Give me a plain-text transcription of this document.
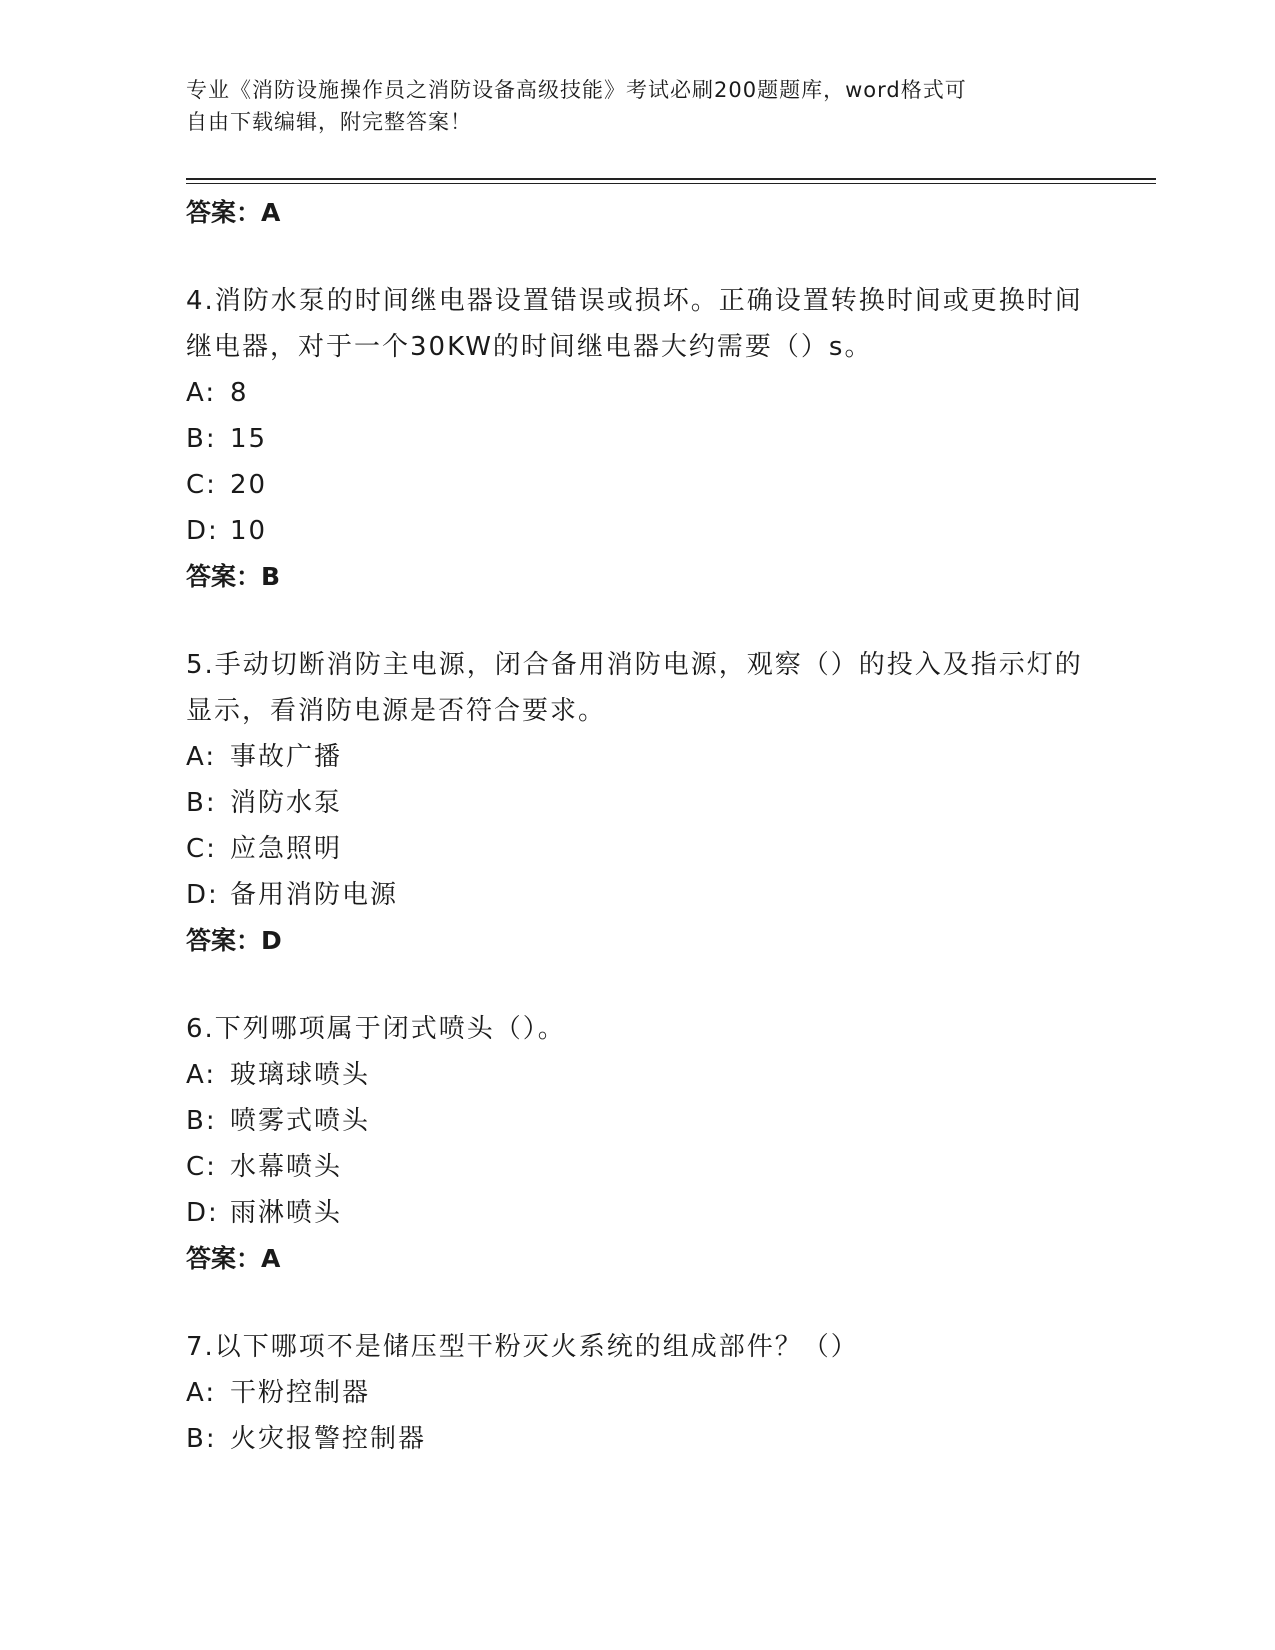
专业《消防设施操作员之消防设备高级技能》考试必刷200题题库，word格式可
自由下载编辑，附完整答案！
答案：A
4.消防水泵的时间继电器设置错误或损坏。正确设置转换时间或更换时间继电器，对于一个30KW的时间继电器大约需要（）s。
A: 8
B: 15
C: 20
D: 10
答案：B
5.手动切断消防主电源，闭合备用消防电源，观察（）的投入及指示灯的显示，看消防电源是否符合要求。
A: 事故广播
B: 消防水泵
C: 应急照明
D: 备用消防电源
答案：D
6.下列哪项属于闭式喷头（）。
A: 玻璃球喷头
B: 喷雾式喷头
C: 水幕喷头
D: 雨淋喷头
答案：A
7.以下哪项不是储压型干粉灭火系统的组成部件？（）
A: 干粉控制器
B: 火灾报警控制器
